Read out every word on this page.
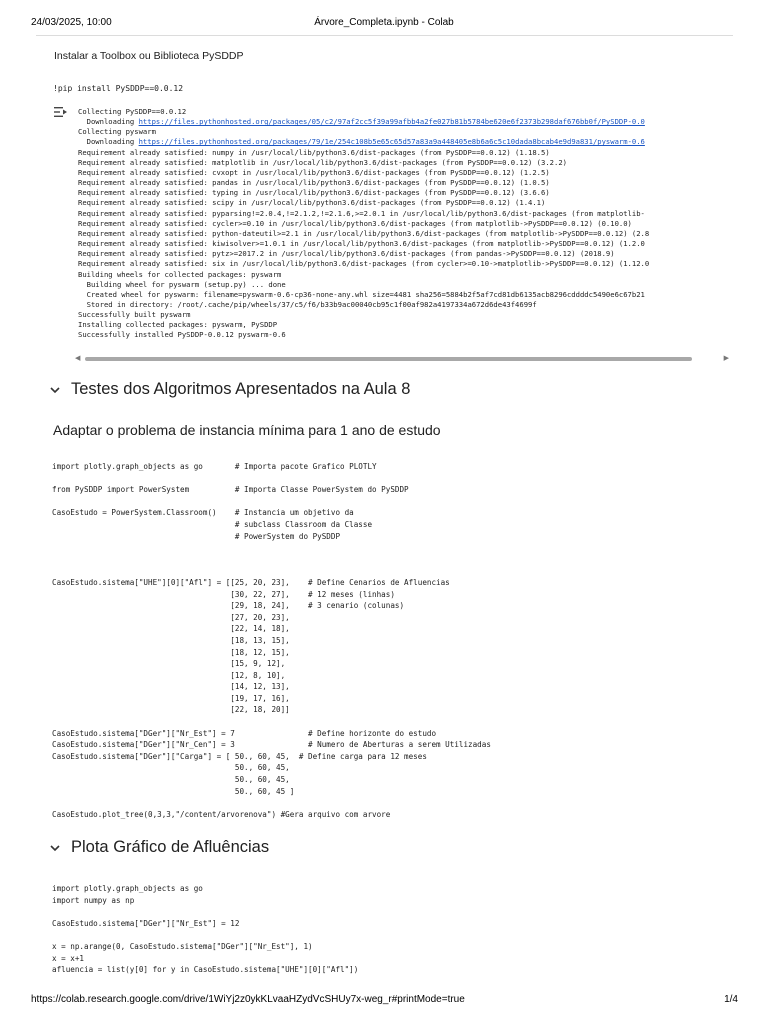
24/03/2025, 10:00	Árvore_Completa.ipynb - Colab
Instalar a Toolbox ou Biblioteca PySDDP
!pip install PySDDP==0.0.12
Collecting PySDDP==0.0.12
Downloading https://files.pythonhosted.org/packages/05/c2/97af2cc5f39a99afbb4a2fe027b81b5784be620e6f2373b298daf676bb0f/PySDDP-0.0
Collecting pyswarm
Downloading https://files.pythonhosted.org/packages/79/1e/254c108b5e65c65d57a83a9a448405e8b6a6c5c10dada8bcab4e9d9a831/pyswarm-0.6
Requirement already satisfied: numpy in /usr/local/lib/python3.6/dist-packages (from PySDDP==0.0.12) (1.18.5)
Requirement already satisfied: matplotlib in /usr/local/lib/python3.6/dist-packages (from PySDDP==0.0.12) (3.2.2)
Requirement already satisfied: cvxopt in /usr/local/lib/python3.6/dist-packages (from PySDDP==0.0.12) (1.2.5)
Requirement already satisfied: pandas in /usr/local/lib/python3.6/dist-packages (from PySDDP==0.0.12) (1.0.5)
Requirement already satisfied: typing in /usr/local/lib/python3.6/dist-packages (from PySDDP==0.0.12) (3.6.6)
Requirement already satisfied: scipy in /usr/local/lib/python3.6/dist-packages (from PySDDP==0.0.12) (1.4.1)
Requirement already satisfied: pyparsing!=2.0.4,!=2.1.2,!=2.1.6,>=2.0.1 in /usr/local/lib/python3.6/dist-packages (from matplotlib-
Requirement already satisfied: cycler>=0.10 in /usr/local/lib/python3.6/dist-packages (from matplotlib->PySDDP==0.0.12) (0.10.0)
Requirement already satisfied: python-dateutil>=2.1 in /usr/local/lib/python3.6/dist-packages (from matplotlib->PySDDP==0.0.12) (2.8
Requirement already satisfied: kiwisolver>=1.0.1 in /usr/local/lib/python3.6/dist-packages (from matplotlib->PySDDP==0.0.12) (1.2.0
Requirement already satisfied: pytz>=2017.2 in /usr/local/lib/python3.6/dist-packages (from pandas->PySDDP==0.0.12) (2018.9)
Requirement already satisfied: six in /usr/local/lib/python3.6/dist-packages (from cycler>=0.10->matplotlib->PySDDP==0.0.12) (1.12.0
Building wheels for collected packages: pyswarm
Building wheel for pyswarm (setup.py) ... done
Created wheel for pyswarm: filename=pyswarm-0.6-cp36-none-any.whl size=4481 sha256=5884b2f5af7cd81db6135acb8296cddddc5490e6c67b21
Stored in directory: /root/.cache/pip/wheels/37/c5/f6/b33b9ac00040cb95c1f00af982a4197334a672d6de43f4699f
Successfully built pyswarm
Installing collected packages: pyswarm, PySDDP
Successfully installed PySDDP-0.0.12 pyswarm-0.6
◀	▶
Testes dos Algoritmos Apresentados na Aula 8
Adaptar o problema de instancia mínima para 1 ano de estudo
import plotly.graph_objects as go       # Importa pacote Grafico PLOTLY

from PySDDP import PowerSystem          # Importa Classe PowerSystem do PySDDP

CasoEstudo = PowerSystem.Classroom()    # Instancia um objetivo da
# subclass Classroom da Classe
# PowerSystem do PySDDP

CasoEstudo.sistema["UHE"][0]["Afl"] = [[25, 20, 23],    # Define Cenarios de Afluencias
[30, 22, 27],    # 12 meses (linhas)
[29, 18, 24],    # 3 cenario (colunas)
[27, 20, 23],
[22, 14, 18],
[18, 13, 15],
[18, 12, 15],
[15, 9, 12],
[12, 8, 10],
[14, 12, 13],
[19, 17, 16],
[22, 18, 20]]

CasoEstudo.sistema["DGer"]["Nr_Est"] = 7                # Define horizonte do estudo
CasoEstudo.sistema["DGer"]["Nr_Cen"] = 3                # Numero de Aberturas a serem Utilizadas
CasoEstudo.sistema["DGer"]["Carga"] = [ 50., 60, 45,  # Define carga para 12 meses
50., 60, 45,
50., 60, 45,
50., 60, 45 ]

CasoEstudo.plot_tree(0,3,3,"/content/arvorenova") #Gera arquivo com arvore
Plota Gráfico de Afluências
import plotly.graph_objects as go
import numpy as np

CasoEstudo.sistema["DGer"]["Nr_Est"] = 12

x = np.arange(0, CasoEstudo.sistema["DGer"]["Nr_Est"], 1)
x = x+1
afluencia = list(y[0] for y in CasoEstudo.sistema["UHE"][0]["Afl"])
https://colab.research.google.com/drive/1WiYj2z0ykKLvaaHZydVcSHUy7x-weg_r#printMode=true	1/4
